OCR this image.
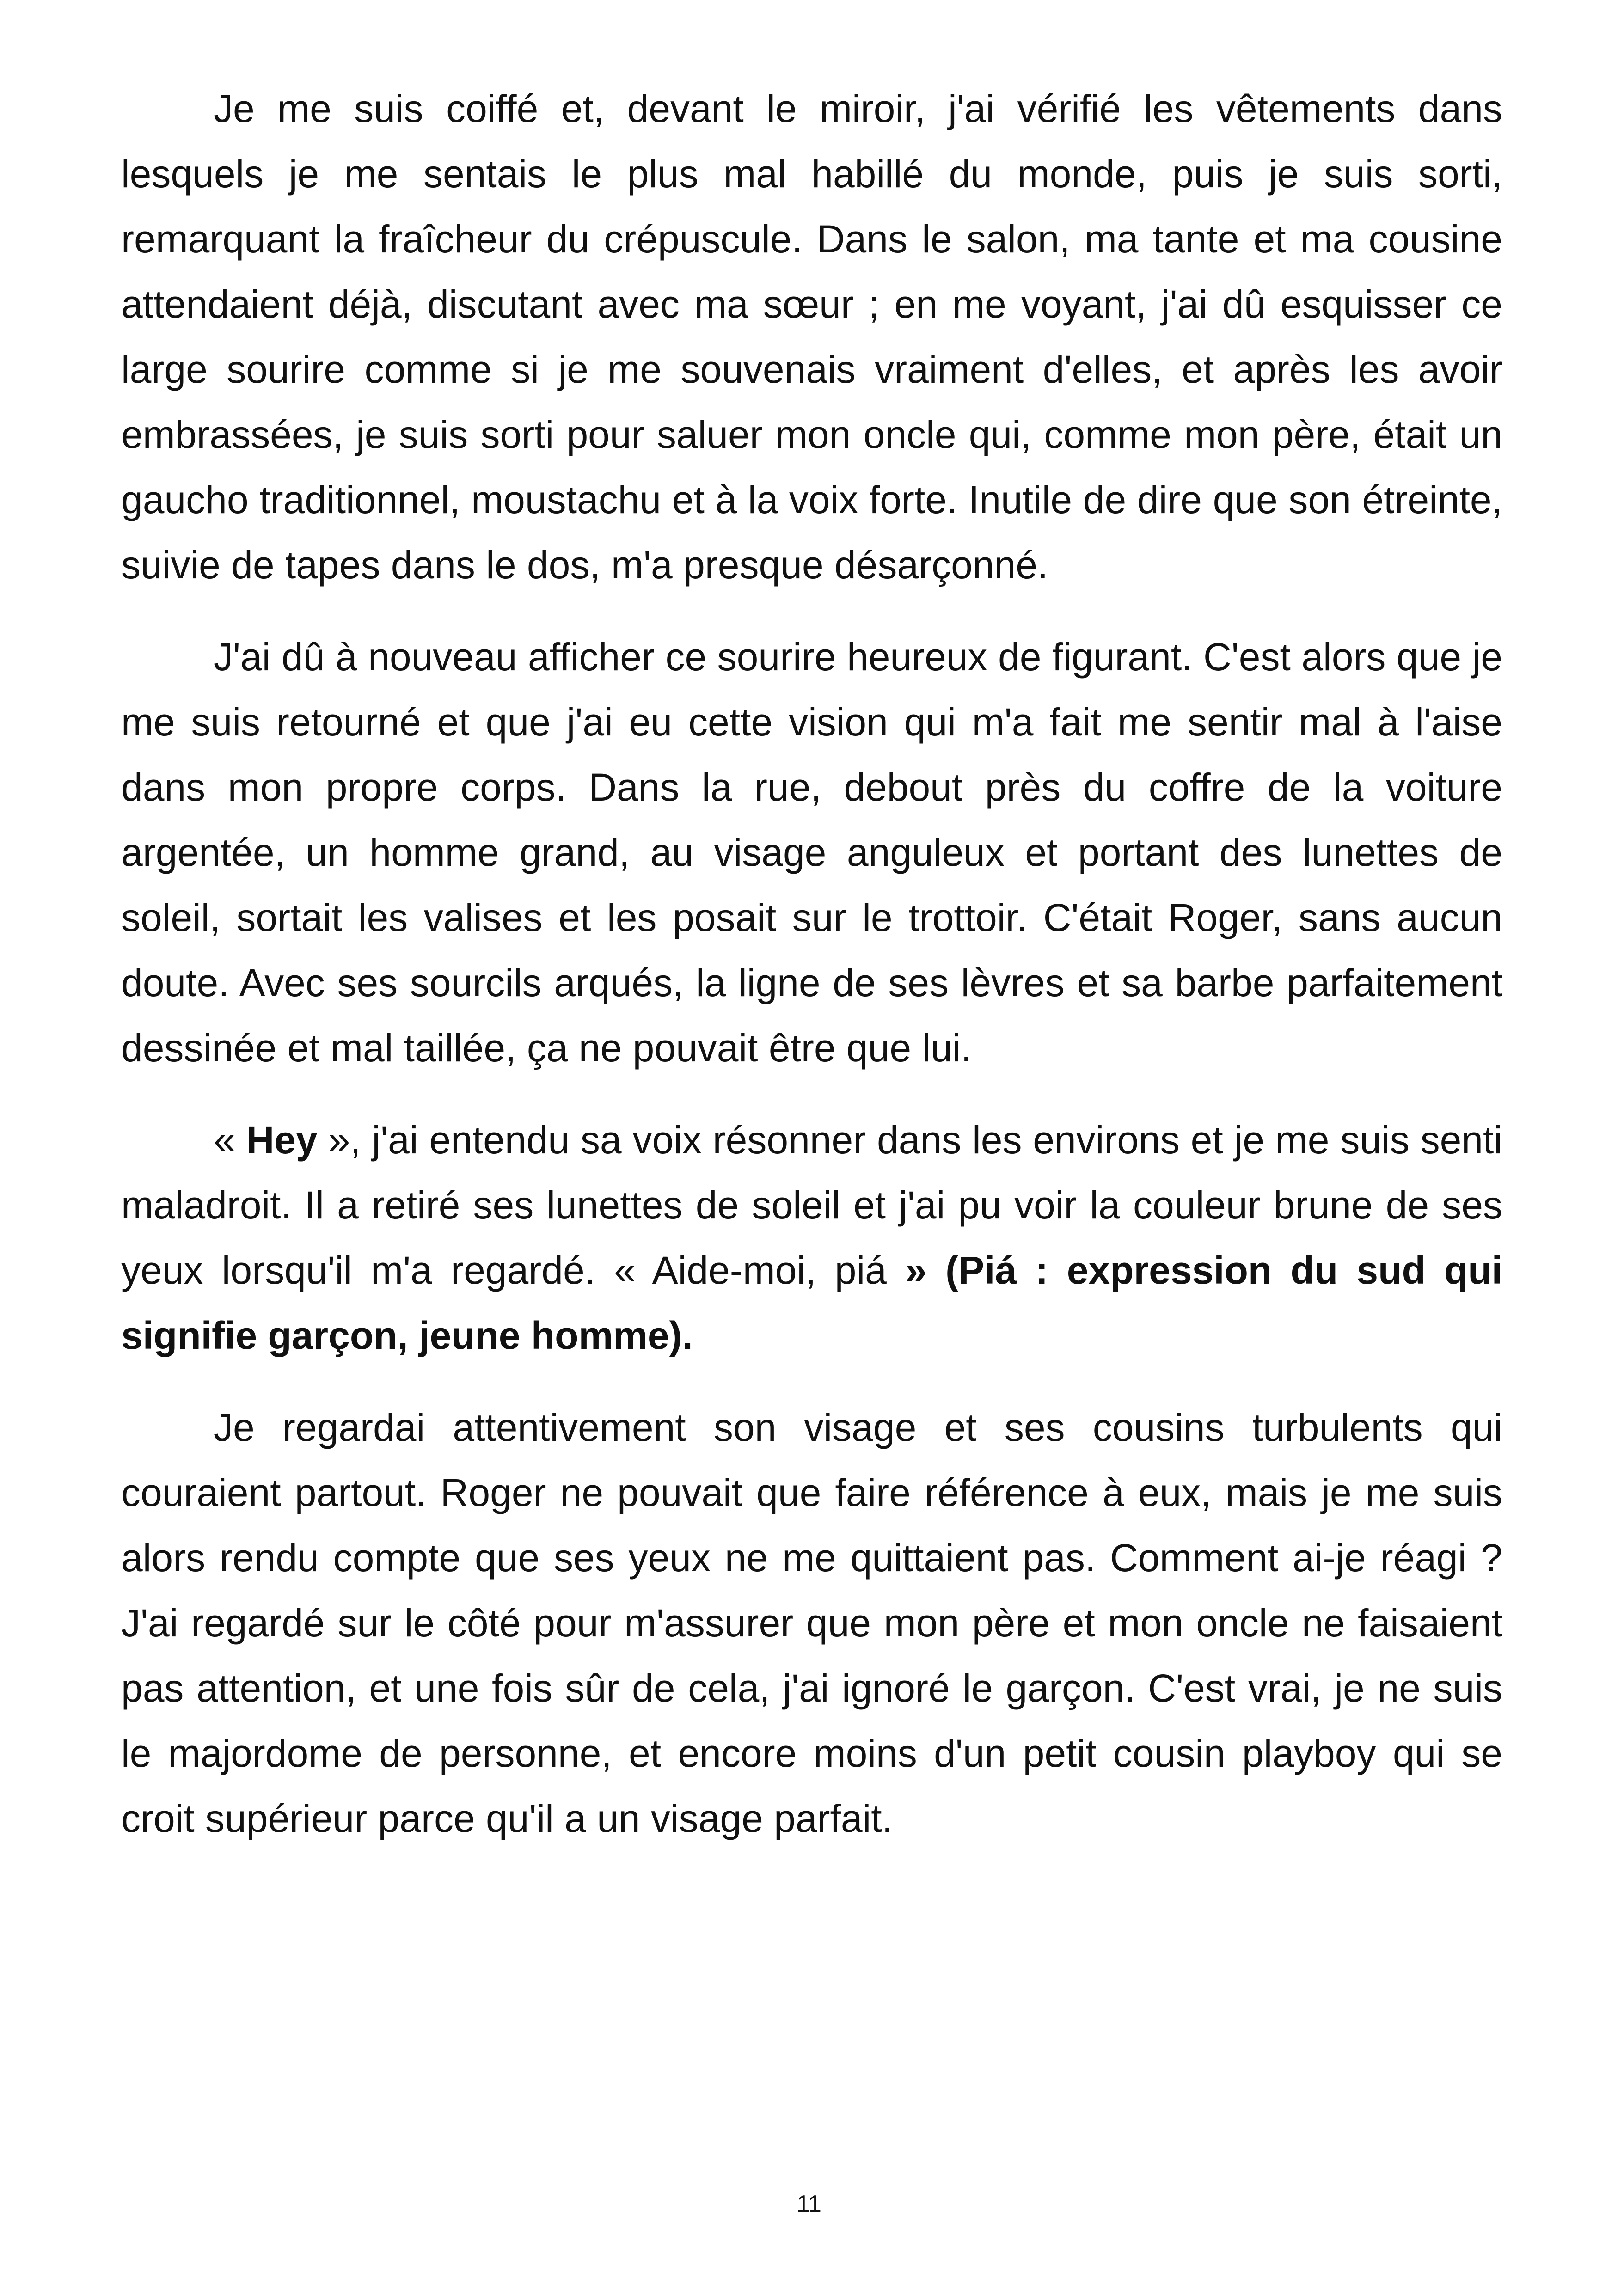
Je me suis coiffé et, devant le miroir, j'ai vérifié les vêtements dans lesquels je me sentais le plus mal habillé du monde, puis je suis sorti, remarquant la fraîcheur du crépuscule. Dans le salon, ma tante et ma cousine attendaient déjà, discutant avec ma sœur ; en me voyant, j'ai dû esquisser ce large sourire comme si je me souvenais vraiment d'elles, et après les avoir embrassées, je suis sorti pour saluer mon oncle qui, comme mon père, était un gaucho traditionnel, moustachu et à la voix forte. Inutile de dire que son étreinte, suivie de tapes dans le dos, m'a presque désarçonné.

J'ai dû à nouveau afficher ce sourire heureux de figurant. C'est alors que je me suis retourné et que j'ai eu cette vision qui m'a fait me sentir mal à l'aise dans mon propre corps. Dans la rue, debout près du coffre de la voiture argentée, un homme grand, au visage anguleux et portant des lunettes de soleil, sortait les valises et les posait sur le trottoir. C'était Roger, sans aucun doute. Avec ses sourcils arqués, la ligne de ses lèvres et sa barbe parfaitement dessinée et mal taillée, ça ne pouvait être que lui.

« Hey », j'ai entendu sa voix résonner dans les environs et je me suis senti maladroit. Il a retiré ses lunettes de soleil et j'ai pu voir la couleur brune de ses yeux lorsqu'il m'a regardé. « Aide-moi, piá » (Piá : expression du sud qui signifie garçon, jeune homme).

Je regardai attentivement son visage et ses cousins turbulents qui couraient partout. Roger ne pouvait que faire référence à eux, mais je me suis alors rendu compte que ses yeux ne me quittaient pas. Comment ai-je réagi ? J'ai regardé sur le côté pour m'assurer que mon père et mon oncle ne faisaient pas attention, et une fois sûr de cela, j'ai ignoré le garçon. C'est vrai, je ne suis le majordome de personne, et encore moins d'un petit cousin playboy qui se croit supérieur parce qu'il a un visage parfait.

11
